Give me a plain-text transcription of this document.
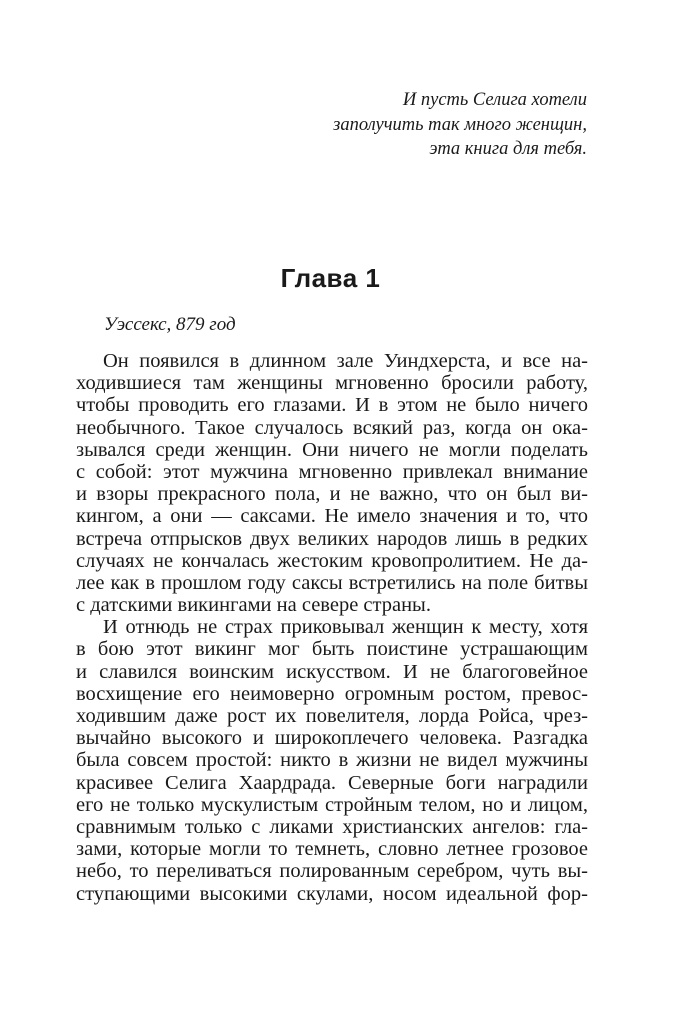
И пусть Селига хотели
заполучить так много женщин,
эта книга для тебя.
Глава 1
Уэссекс, 879 год
Он появился в длинном зале Уиндхерста, и все на-
ходившиеся там женщины мгновенно бросили работу,
чтобы проводить его глазами. И в этом не было ничего
необычного. Такое случалось всякий раз, когда он ока-
зывался среди женщин. Они ничего не могли поделать
с собой: этот мужчина мгновенно привлекал внимание
и взоры прекрасного пола, и не важно, что он был ви-
кингом, а они — саксами. Не имело значения и то, что
встреча отпрысков двух великих народов лишь в редких
случаях не кончалась жестоким кровопролитием. Не да-
лее как в прошлом году саксы встретились на поле битвы
с датскими викингами на севере страны.
И отнюдь не страх приковывал женщин к месту, хотя
в бою этот викинг мог быть поистине устрашающим
и славился воинским искусством. И не благоговейное
восхищение его неимоверно огромным ростом, превос-
ходившим даже рост их повелителя, лорда Ройса, чрез-
вычайно высокого и широкоплечего человека. Разгадка
была совсем простой: никто в жизни не видел мужчины
красивее Селига Хаардрада. Северные боги наградили
его не только мускулистым стройным телом, но и лицом,
сравнимым только с ликами христианских ангелов: гла-
зами, которые могли то темнеть, словно летнее грозовое
небо, то переливаться полированным серебром, чуть вы-
ступающими высокими скулами, носом идеальной фор-
